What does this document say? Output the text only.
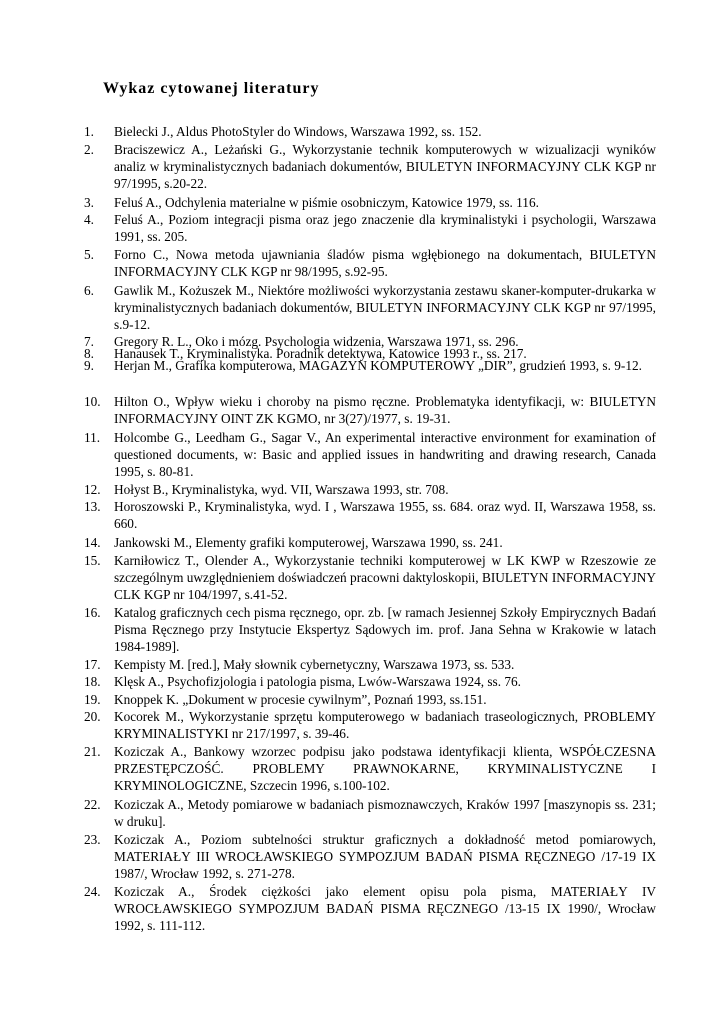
Wykaz cytowanej literatury
1.	Bielecki J., Aldus PhotoStyler do Windows, Warszawa 1992, ss. 152.
2.	Braciszewicz A., Leżański G., Wykorzystanie technik komputerowych w wizualizacji wyników analiz w kryminalistycznych badaniach dokumentów, BIULETYN INFORMACYJNY CLK KGP nr 97/1995, s.20-22.
3.	Feluś A., Odchylenia materialne w piśmie osobniczym, Katowice 1979, ss. 116.
4.	Feluś A., Poziom integracji pisma oraz jego znaczenie dla kryminalistyki i psychologii, Warszawa 1991, ss. 205.
5.	Forno C., Nowa metoda ujawniania śladów pisma wgłębionego na dokumentach, BIULETYN INFORMACYJNY CLK KGP nr 98/1995, s.92-95.
6.	Gawlik M., Kożuszek M., Niektóre możliwości wykorzystania zestawu skaner-komputer-drukarka w kryminalistycznych badaniach dokumentów, BIULETYN INFORMACYJNY CLK KGP nr 97/1995, s.9-12.
7.	Gregory R. L., Oko i mózg. Psychologia widzenia, Warszawa 1971, ss. 296.
8.	Hanausek T., Kryminalistyka. Poradnik detektywa, Katowice 1993 r., ss. 217.
9.	Herjan M., Grafika komputerowa, MAGAZYN KOMPUTEROWY „DIR”, grudzień 1993, s. 9-12.
10.	Hilton O., Wpływ wieku i choroby na pismo ręczne. Problematyka identyfikacji, w: BIULETYN INFORMACYJNY OINT ZK KGMO, nr 3(27)/1977, s. 19-31.
11.	Holcombe G., Leedham G., Sagar V., An experimental interactive environment for examination of questioned documents, w: Basic and applied issues in handwriting and drawing research, Canada 1995, s. 80-81.
12.	Hołyst B., Kryminalistyka, wyd. VII, Warszawa 1993, str. 708.
13.	Horoszowski P., Kryminalistyka, wyd. I , Warszawa 1955, ss. 684. oraz wyd. II, Warszawa 1958, ss. 660.
14.	Jankowski M., Elementy grafiki komputerowej, Warszawa 1990, ss. 241.
15.	Karniłowicz T., Olender A., Wykorzystanie techniki komputerowej w LK KWP w Rzeszowie ze szczególnym uwzględnieniem doświadczeń pracowni daktyloskopii, BIULETYN INFORMACYJNY CLK KGP nr 104/1997, s.41-52.
16.	Katalog graficznych cech pisma ręcznego, opr. zb. [w ramach Jesiennej Szkoły Empirycznych Badań Pisma Ręcznego przy Instytucie Ekspertyz Sądowych im. prof. Jana Sehna w Krakowie w latach 1984-1989].
17.	Kempisty M. [red.], Mały słownik cybernetyczny, Warszawa 1973, ss. 533.
18.	Klęsk A., Psychofizjologia i patologia pisma, Lwów-Warszawa 1924, ss. 76.
19.	Knoppek K. „Dokument w procesie cywilnym”, Poznań 1993, ss.151.
20.	Kocorek M., Wykorzystanie sprzętu komputerowego w badaniach traseologicznych, PROBLEMY KRYMINALISTYKI nr 217/1997, s. 39-46.
21.	Koziczak A., Bankowy wzorzec podpisu jako podstawa identyfikacji klienta, WSPÓŁCZESNA PRZESTĘPCZOŚĆ. PROBLEMY PRAWNOKARNE, KRYMINALISTYCZNE I KRYMINOLOGICZNE, Szczecin 1996, s.100-102.
22.	Koziczak A., Metody pomiarowe w badaniach pismoznawczych, Kraków 1997 [maszynopis ss. 231; w druku].
23.	Koziczak A., Poziom subtelności struktur graficznych a dokładność metod pomiarowych, MATERIAŁY III WROCŁAWSKIEGO SYMPOZJUM BADAŃ PISMA RĘCZNEGO /17-19 IX 1987/, Wrocław 1992, s. 271-278.
24.	Koziczak A., Środek ciężkości jako element opisu pola pisma, MATERIAŁY IV WROCŁAWSKIEGO SYMPOZJUM BADAŃ PISMA RĘCZNEGO /13-15 IX 1990/, Wrocław 1992, s. 111-112.
